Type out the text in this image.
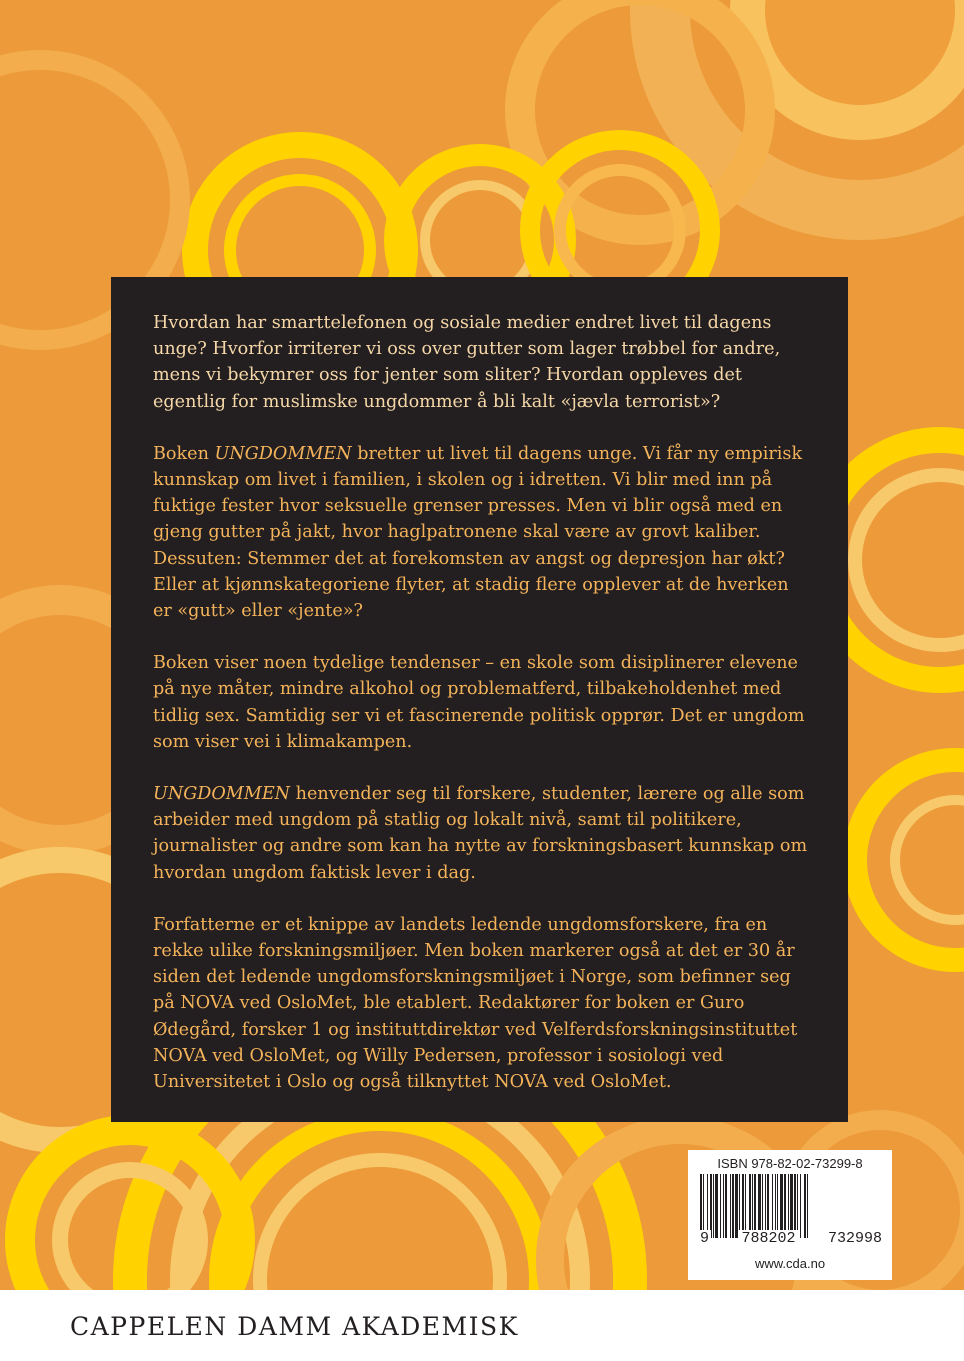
Hvordan har smarttelefonen og sosiale medier endret livet til dagens unge? Hvorfor irriterer vi oss over gutter som lager trøbbel for andre, mens vi bekymrer oss for jenter som sliter? Hvordan oppleves det egentlig for muslimske ungdommer å bli kalt «jævla terrorist»?

Boken UNGDOMMEN bretter ut livet til dagens unge. Vi får ny empirisk kunnskap om livet i familien, i skolen og i idretten. Vi blir med inn på fuktige fester hvor seksuelle grenser presses. Men vi blir også med en gjeng gutter på jakt, hvor haglpatronene skal være av grovt kaliber. Dessuten: Stemmer det at forekomsten av angst og depresjon har økt? Eller at kjønnskategoriene flyter, at stadig flere opplever at de hverken er «gutt» eller «jente»?

Boken viser noen tydelige tendenser – en skole som disiplinerer elevene på nye måter, mindre alkohol og problematferd, tilbakeholdenhet med tidlig sex. Samtidig ser vi et fascinerende politisk opprør. Det er ungdom som viser vei i klimakampen.

UNGDOMMEN henvender seg til forskere, studenter, lærere og alle som arbeider med ungdom på statlig og lokalt nivå, samt til politikere, journalister og andre som kan ha nytte av forskningsbasert kunnskap om hvordan ungdom faktisk lever i dag.

Forfatterne er et knippe av landets ledende ungdomsforskere, fra en rekke ulike forskningsmiljøer. Men boken markerer også at det er 30 år siden det ledende ungdomsforskningsmiljøet i Norge, som befinner seg på NOVA ved OsloMet, ble etablert. Redaktører for boken er Guro Ødegård, forsker 1 og instituttdirektør ved Velferdsforskningsinstituttet NOVA ved OsloMet, og Willy Pedersen, professor i sosiologi ved Universitetet i Oslo og også tilknyttet NOVA ved OsloMet.

ISBN 978-82-02-73299-8
9 788202 732998
www.cda.no
CAPPELEN DAMM AKADEMISK
